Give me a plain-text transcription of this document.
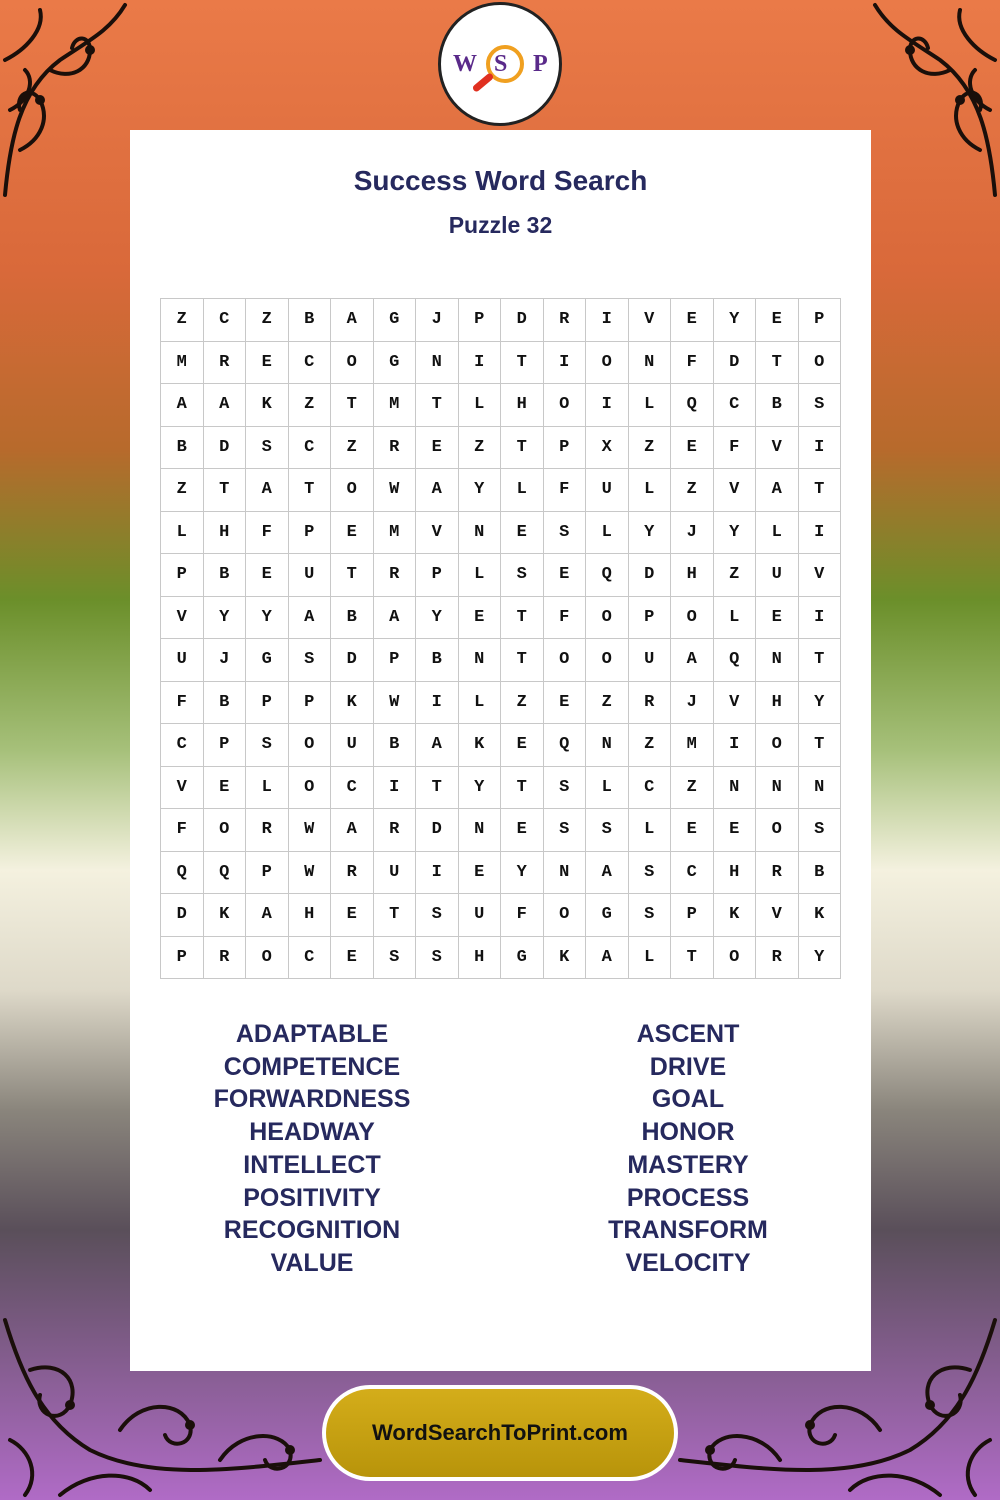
W S P
Success Word Search
Puzzle 32
Z	C	Z	B	A	G	J	P	D	R	I	V	E	Y	E	P
M	R	E	C	O	G	N	I	T	I	O	N	F	D	T	O
A	A	K	Z	T	M	T	L	H	O	I	L	Q	C	B	S
B	D	S	C	Z	R	E	Z	T	P	X	Z	E	F	V	I
Z	T	A	T	O	W	A	Y	L	F	U	L	Z	V	A	T
L	H	F	P	E	M	V	N	E	S	L	Y	J	Y	L	I
P	B	E	U	T	R	P	L	S	E	Q	D	H	Z	U	V
V	Y	Y	A	B	A	Y	E	T	F	O	P	O	L	E	I
U	J	G	S	D	P	B	N	T	O	O	U	A	Q	N	T
F	B	P	P	K	W	I	L	Z	E	Z	R	J	V	H	Y
C	P	S	O	U	B	A	K	E	Q	N	Z	M	I	O	T
V	E	L	O	C	I	T	Y	T	S	L	C	Z	N	N	N
F	O	R	W	A	R	D	N	E	S	S	L	E	E	O	S
Q	Q	P	W	R	U	I	E	Y	N	A	S	C	H	R	B
D	K	A	H	E	T	S	U	F	O	G	S	P	K	V	K
P	R	O	C	E	S	S	H	G	K	A	L	T	O	R	Y
ADAPTABLE
COMPETENCE
FORWARDNESS
HEADWAY
INTELLECT
POSITIVITY
RECOGNITION
VALUE
ASCENT
DRIVE
GOAL
HONOR
MASTERY
PROCESS
TRANSFORM
VELOCITY
WordSearchToPrint.com
